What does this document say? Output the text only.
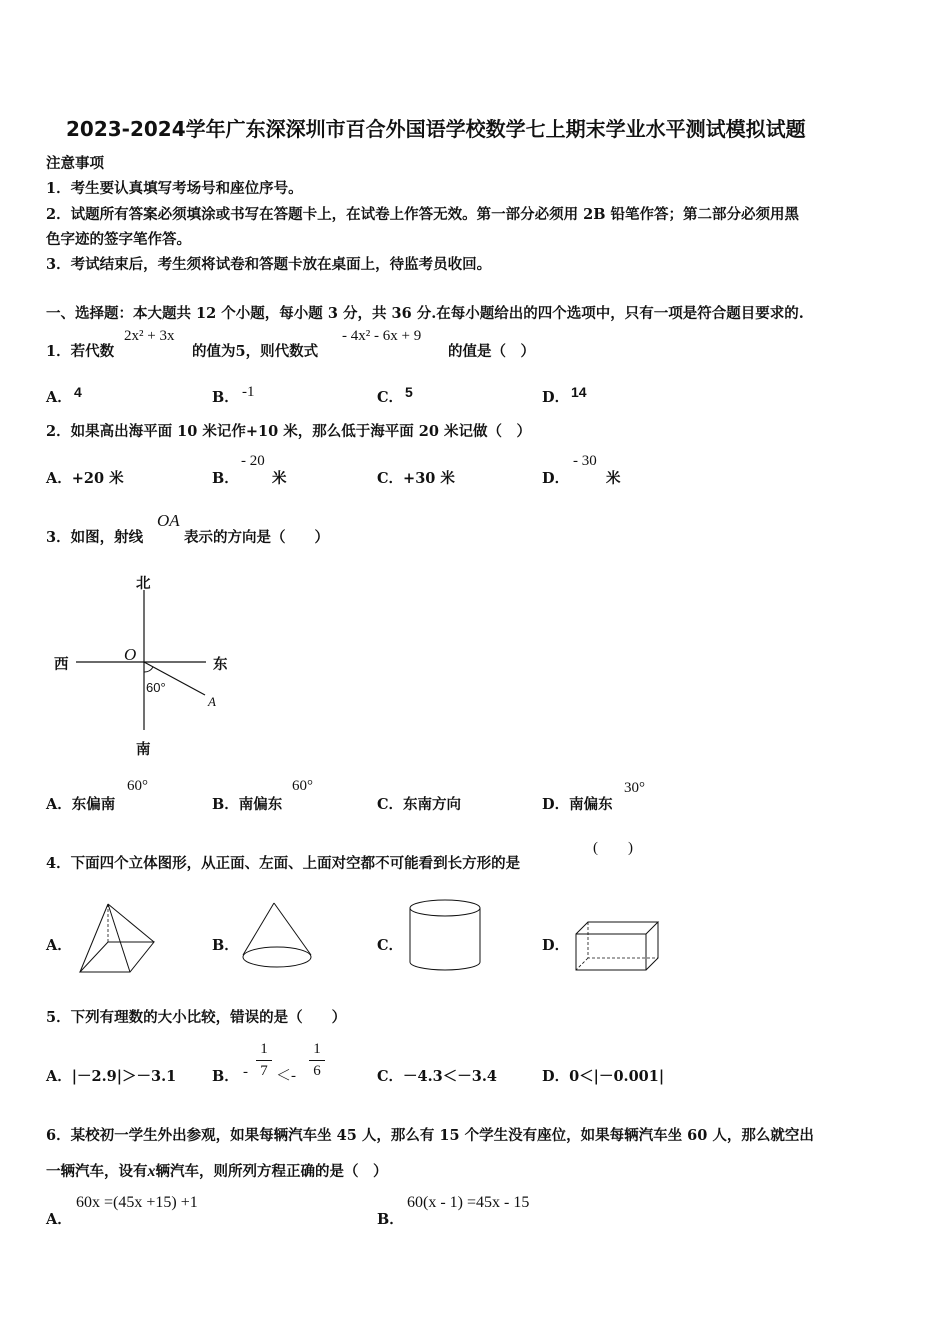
2023-2024学年广东深深圳市百合外国语学校数学七上期末学业水平测试模拟试题
注意事项
1．考生要认真填写考场号和座位序号。
2．试题所有答案必须填涂或书写在答题卡上，在试卷上作答无效。第一部分必须用 2B 铅笔作答；第二部分必须用黑
色字迹的签字笔作答。
3．考试结束后，考生须将试卷和答题卡放在桌面上，待监考员收回。
一、选择题：本大题共 12 个小题，每小题 3 分，共 36 分.在每小题给出的四个选项中，只有一项是符合题目要求的.
1．若代数
2x² + 3x
的值为5，则代数式
- 4x² - 6x + 9
的值是（　）
A． 4	B． -1	C． 5	D． 14
2．如果高出海平面 10 米记作+10 米，那么低于海平面 20 米记做（　）
A．+20 米	B．
- 20
米	C．+30 米	D．
- 30
米
3．如图，射线
OA
表示的方向是（　　）
北
南
西	东
O
60°
A
A．东偏南
60°
B．南偏东
60°
C．东南方向	D．南偏东
30°
4．下面四个立体图形，从正面、左面、上面对空都不可能看到长方形的是
(　　)
A．	B．	C．	D．
5．下列有理数的大小比较，错误的是（　　）
A．|－2.9|＞－3.1 B． -
1
7 ＜-
1
6	C．－4.3＜－3.4	D．0＜|－0.001|
6．某校初一学生外出参观，如果每辆汽车坐 45 人，那么有 15 个学生没有座位，如果每辆汽车坐 60 人，那么就空出
一辆汽车，设有x辆汽车，则所列方程正确的是（　）
A．
60x =(45x +15) +1
B．
60(x - 1) =45x - 15
